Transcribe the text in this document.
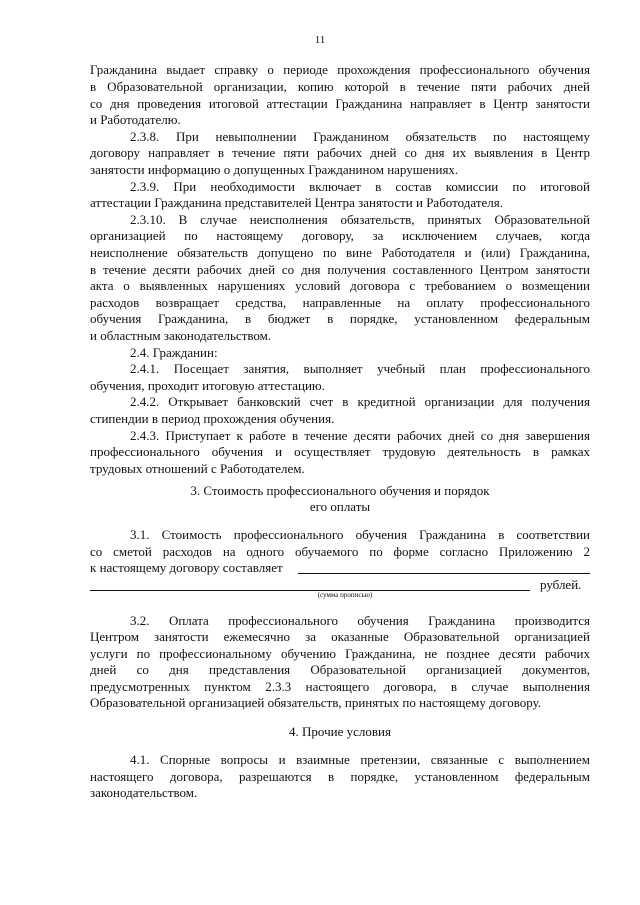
11
Гражданина выдает справку о периоде прохождения профессионального обучения
в Образовательной организации, копию которой в течение пяти рабочих дней
со дня проведения итоговой аттестации Гражданина направляет в Центр занятости
и Работодателю.
2.3.8. При невыполнении Гражданином обязательств по настоящему
договору направляет в течение пяти рабочих дней со дня их выявления в Центр
занятости информацию о допущенных Гражданином нарушениях.
2.3.9. При необходимости включает в состав комиссии по итоговой
аттестации Гражданина представителей Центра занятости и Работодателя.
2.3.10. В случае неисполнения обязательств, принятых Образовательной
организацией по настоящему договору, за исключением случаев, когда
неисполнение обязательств допущено по вине Работодателя и (или) Гражданина,
в течение десяти рабочих дней со дня получения составленного Центром занятости
акта о выявленных нарушениях условий договора с требованием о возмещении
расходов возвращает средства, направленные на оплату профессионального
обучения Гражданина, в бюджет в порядке, установленном федеральным
и областным законодательством.
2.4. Гражданин:
2.4.1. Посещает занятия, выполняет учебный план профессионального
обучения, проходит итоговую аттестацию.
2.4.2. Открывает банковский счет в кредитной организации для получения
стипендии в период прохождения обучения.
2.4.3. Приступает к работе в течение десяти рабочих дней со дня завершения
профессионального обучения и осуществляет трудовую деятельность в рамках
трудовых отношений с Работодателем.
3. Стоимость профессионального обучения и порядок
его оплаты
3.1. Стоимость профессионального обучения Гражданина в соответствии
со сметой расходов на одного обучаемого по форме согласно Приложению 2
к настоящему договору составляет
рублей.
(сумма прописью)
3.2. Оплата профессионального обучения Гражданина производится
Центром занятости ежемесячно за оказанные Образовательной организацией
услуги по профессиональному обучению Гражданина, не позднее десяти рабочих
дней со дня представления Образовательной организацией документов,
предусмотренных пунктом 2.3.3 настоящего договора, в случае выполнения
Образовательной организацией обязательств, принятых по настоящему договору.
4. Прочие условия
4.1. Спорные вопросы и взаимные претензии, связанные с выполнением
настоящего договора, разрешаются в порядке, установленном федеральным
законодательством.
